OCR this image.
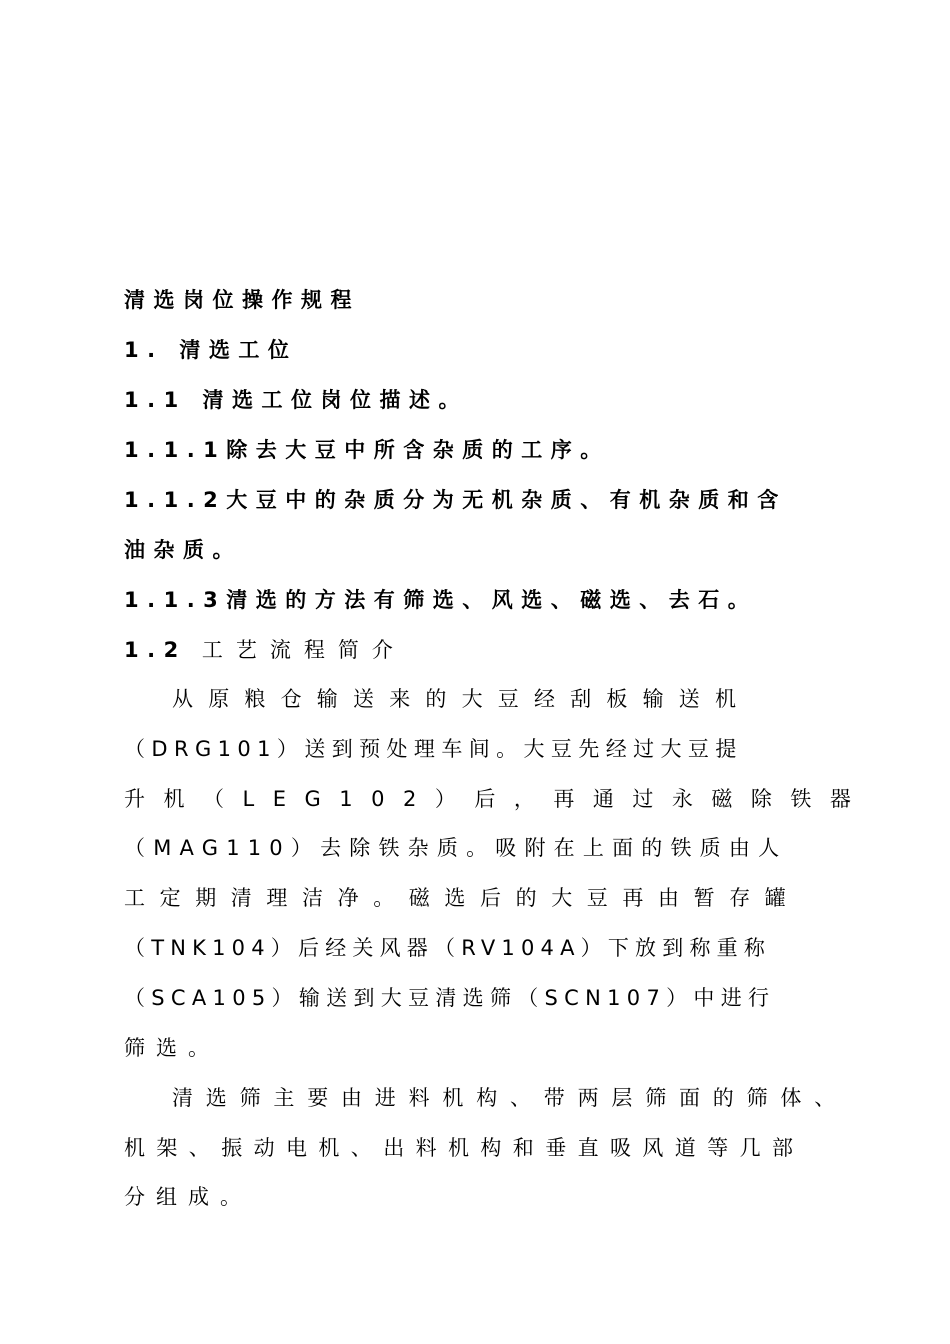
清选岗位操作规程
1. 清选工位
1.1 清选工位岗位描述。
1.1.1除去大豆中所含杂质的工序。
1.1.2大豆中的杂质分为无机杂质、有机杂质和含
油杂质。
1.1.3清选的方法有筛选、风选、磁选、去石。
1.2 工艺流程简介
从原粮仓输送来的大豆经刮板输送机
（DRG101）送到预处理车间。大豆先经过大豆提
升机（LEG102）后，再通过永磁除铁器
（MAG110）去除铁杂质。吸附在上面的铁质由人
工定期清理洁净。磁选后的大豆再由暂存罐
（TNK104）后经关风器（RV104A）下放到称重称
（SCA105）输送到大豆清选筛（SCN107）中进行
筛选。
清选筛主要由进料机构、带两层筛面的筛体、
机架、振动电机、出料机构和垂直吸风道等几部
分组成。
